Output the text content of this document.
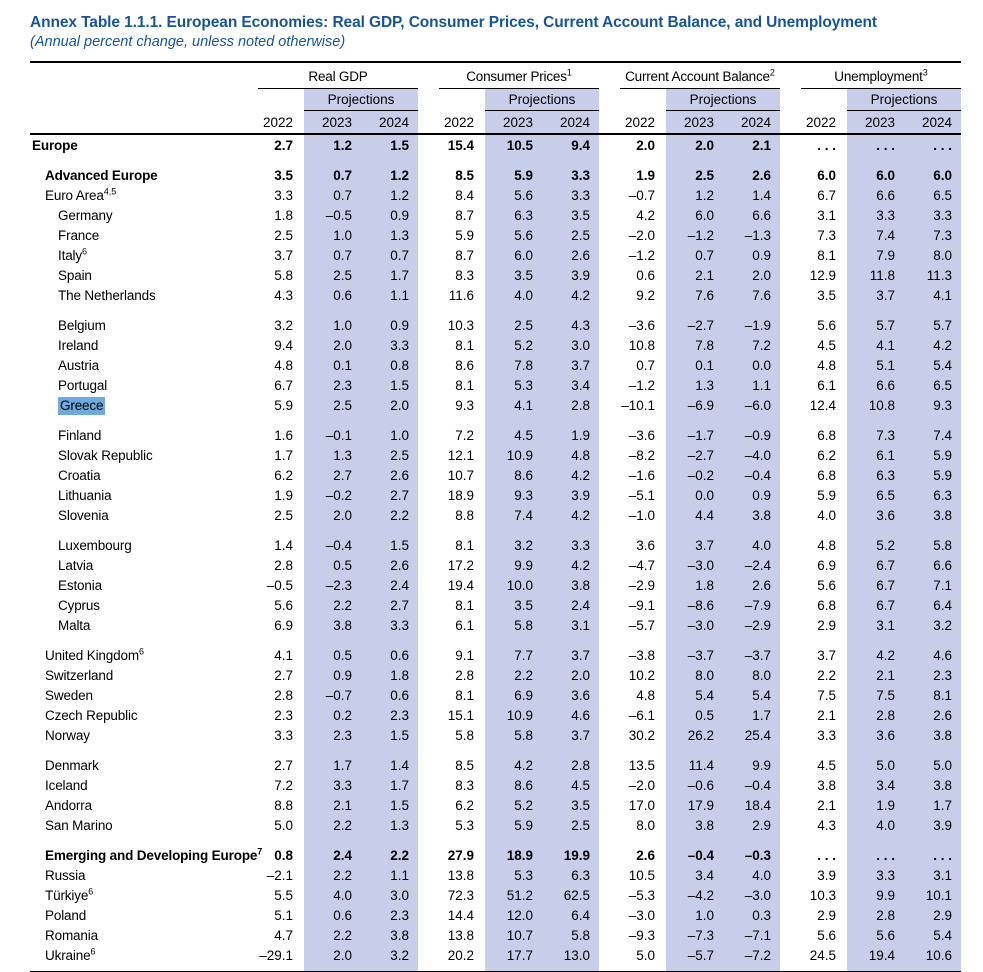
Annex Table 1.1.1. European Economies: Real GDP, Consumer Prices, Current Account Balance, and Unemployment
(Annual percent change, unless noted otherwise)
Real GDP	Consumer Prices$^1$	Current Account Balance$^2$	Unemployment$^3$
Projections	Projections	Projections	Projections
2022	2023	2024	2022	2023	2024	2022	2023	2024	2022	2023	2024
Europe	2.7	1.2	1.5	15.4	10.5	9.4	2.0	2.0	2.1	. . .	. . .	. . .
Advanced Europe	3.5	0.7	1.2	8.5	5.9	3.3	1.9	2.5	2.6	6.0	6.0	6.0
Euro Area$^{4,5}$	3.3	0.7	1.2	8.4	5.6	3.3	–0.7	1.2	1.4	6.7	6.6	6.5
Germany	1.8	–0.5	0.9	8.7	6.3	3.5	4.2	6.0	6.6	3.1	3.3	3.3
France	2.5	1.0	1.3	5.9	5.6	2.5	–2.0	–1.2	–1.3	7.3	7.4	7.3
Italy$^6$	3.7	0.7	0.7	8.7	6.0	2.6	–1.2	0.7	0.9	8.1	7.9	8.0
Spain	5.8	2.5	1.7	8.3	3.5	3.9	0.6	2.1	2.0	12.9	11.8	11.3
The Netherlands	4.3	0.6	1.1	11.6	4.0	4.2	9.2	7.6	7.6	3.5	3.7	4.1
Belgium	3.2	1.0	0.9	10.3	2.5	4.3	–3.6	–2.7	–1.9	5.6	5.7	5.7
Ireland	9.4	2.0	3.3	8.1	5.2	3.0	10.8	7.8	7.2	4.5	4.1	4.2
Austria	4.8	0.1	0.8	8.6	7.8	3.7	0.7	0.1	0.0	4.8	5.1	5.4
Portugal	6.7	2.3	1.5	8.1	5.3	3.4	–1.2	1.3	1.1	6.1	6.6	6.5
Greece	5.9	2.5	2.0	9.3	4.1	2.8	–10.1	–6.9	–6.0	12.4	10.8	9.3
Finland	1.6	–0.1	1.0	7.2	4.5	1.9	–3.6	–1.7	–0.9	6.8	7.3	7.4
Slovak Republic	1.7	1.3	2.5	12.1	10.9	4.8	–8.2	–2.7	–4.0	6.2	6.1	5.9
Croatia	6.2	2.7	2.6	10.7	8.6	4.2	–1.6	–0.2	–0.4	6.8	6.3	5.9
Lithuania	1.9	–0.2	2.7	18.9	9.3	3.9	–5.1	0.0	0.9	5.9	6.5	6.3
Slovenia	2.5	2.0	2.2	8.8	7.4	4.2	–1.0	4.4	3.8	4.0	3.6	3.8
Luxembourg	1.4	–0.4	1.5	8.1	3.2	3.3	3.6	3.7	4.0	4.8	5.2	5.8
Latvia	2.8	0.5	2.6	17.2	9.9	4.2	–4.7	–3.0	–2.4	6.9	6.7	6.6
Estonia	–0.5	–2.3	2.4	19.4	10.0	3.8	–2.9	1.8	2.6	5.6	6.7	7.1
Cyprus	5.6	2.2	2.7	8.1	3.5	2.4	–9.1	–8.6	–7.9	6.8	6.7	6.4
Malta	6.9	3.8	3.3	6.1	5.8	3.1	–5.7	–3.0	–2.9	2.9	3.1	3.2
United Kingdom$^6$	4.1	0.5	0.6	9.1	7.7	3.7	–3.8	–3.7	–3.7	3.7	4.2	4.6
Switzerland	2.7	0.9	1.8	2.8	2.2	2.0	10.2	8.0	8.0	2.2	2.1	2.3
Sweden	2.8	–0.7	0.6	8.1	6.9	3.6	4.8	5.4	5.4	7.5	7.5	8.1
Czech Republic	2.3	0.2	2.3	15.1	10.9	4.6	–6.1	0.5	1.7	2.1	2.8	2.6
Norway	3.3	2.3	1.5	5.8	5.8	3.7	30.2	26.2	25.4	3.3	3.6	3.8
Denmark	2.7	1.7	1.4	8.5	4.2	2.8	13.5	11.4	9.9	4.5	5.0	5.0
Iceland	7.2	3.3	1.7	8.3	8.6	4.5	–2.0	–0.6	–0.4	3.8	3.4	3.8
Andorra	8.8	2.1	1.5	6.2	5.2	3.5	17.0	17.9	18.4	2.1	1.9	1.7
San Marino	5.0	2.2	1.3	5.3	5.9	2.5	8.0	3.8	2.9	4.3	4.0	3.9
Emerging and Developing Europe$^7$ 0.8	2.4	2.2	27.9	18.9	19.9	2.6	–0.4	–0.3	. . .	. . .	. . .
Russia	–2.1	2.2	1.1	13.8	5.3	6.3	10.5	3.4	4.0	3.9	3.3	3.1
Türkiye$^6$	5.5	4.0	3.0	72.3	51.2	62.5	–5.3	–4.2	–3.0	10.3	9.9	10.1
Poland	5.1	0.6	2.3	14.4	12.0	6.4	–3.0	1.0	0.3	2.9	2.8	2.9
Romania	4.7	2.2	3.8	13.8	10.7	5.8	–9.3	–7.3	–7.1	5.6	5.6	5.4
Ukraine$^6$	–29.1	2.0	3.2	20.2	17.7	13.0	5.0	–5.7	–7.2	24.5	19.4	10.6
